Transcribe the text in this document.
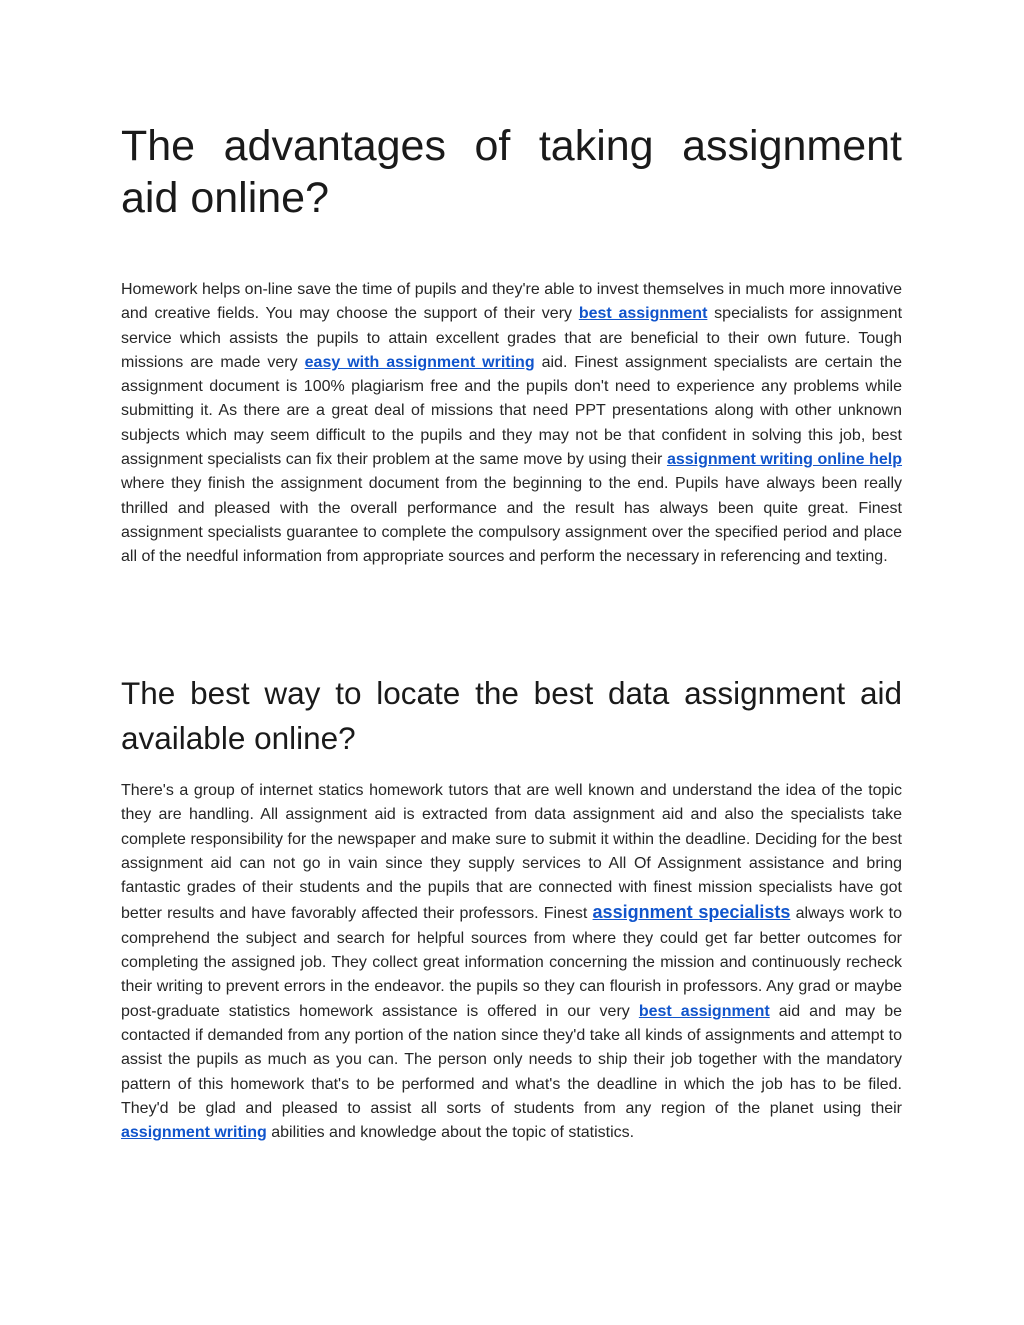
The advantages of taking assignment
aid online?

Homework helps on-line save the time of pupils and they're able to invest themselves in much more innovative and creative fields. You may choose the support of their very best assignment specialists for assignment service which assists the pupils to attain excellent grades that are beneficial to their own future. Tough missions are made very easy with assignment writing aid. Finest assignment specialists are certain the assignment document is 100% plagiarism free and the pupils don't need to experience any problems while submitting it. As there are a great deal of missions that need PPT presentations along with other unknown subjects which may seem difficult to the pupils and they may not be that confident in solving this job, best assignment specialists can fix their problem at the same move by using their assignment writing online help where they finish the assignment document from the beginning to the end. Pupils have always been really thrilled and pleased with the overall performance and the result has always been quite great. Finest assignment specialists guarantee to complete the compulsory assignment over the specified period and place all of the needful information from appropriate sources and perform the necessary in referencing and texting.

The best way to locate the best data assignment aid
available online?

There's a group of internet statics homework tutors that are well known and understand the idea of the topic they are handling. All assignment aid is extracted from data assignment aid and also the specialists take complete responsibility for the newspaper and make sure to submit it within the deadline. Deciding for the best assignment aid can not go in vain since they supply services to All Of Assignment assistance and bring fantastic grades of their students and the pupils that are connected with finest mission specialists have got better results and have favorably affected their professors. Finest assignment specialists always work to comprehend the subject and search for helpful sources from where they could get far better outcomes for completing the assigned job. They collect great information concerning the mission and continuously recheck their writing to prevent errors in the endeavor. the pupils so they can flourish in professors. Any grad or maybe post-graduate statistics homework assistance is offered in our very best assignment aid and may be contacted if demanded from any portion of the nation since they'd take all kinds of assignments and attempt to assist the pupils as much as you can. The person only needs to ship their job together with the mandatory pattern of this homework that's to be performed and what's the deadline in which the job has to be filed. They'd be glad and pleased to assist all sorts of students from any region of the planet using their assignment writing abilities and knowledge about the topic of statistics.
